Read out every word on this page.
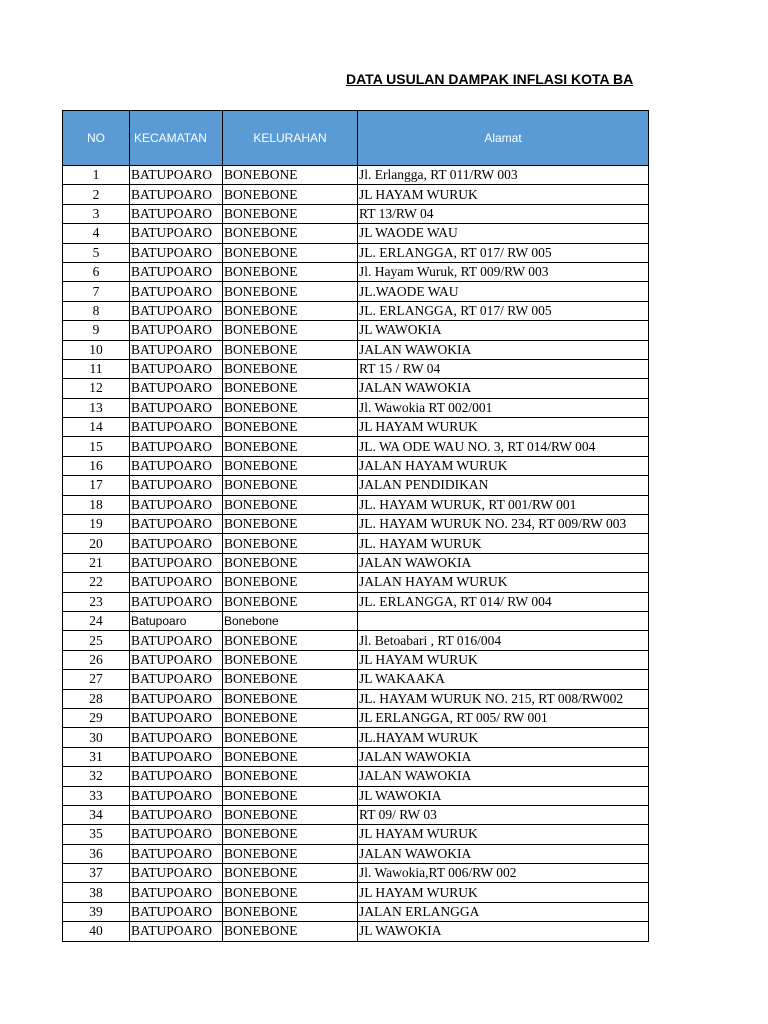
DATA USULAN DAMPAK INFLASI KOTA BA
NO	KECAMATAN	KELURAHAN	Alamat
1	BATUPOARO	BONEBONE	Jl. Erlangga, RT 011/RW 003
2	BATUPOARO	BONEBONE	JL HAYAM WURUK
3	BATUPOARO	BONEBONE	RT 13/RW 04
4	BATUPOARO	BONEBONE	JL WAODE WAU
5	BATUPOARO	BONEBONE	JL. ERLANGGA, RT 017/ RW 005
6	BATUPOARO	BONEBONE	Jl. Hayam Wuruk, RT 009/RW 003
7	BATUPOARO	BONEBONE	JL.WAODE WAU
8	BATUPOARO	BONEBONE	JL. ERLANGGA, RT 017/ RW 005
9	BATUPOARO	BONEBONE	JL WAWOKIA
10	BATUPOARO	BONEBONE	JALAN WAWOKIA
11	BATUPOARO	BONEBONE	RT 15 / RW 04
12	BATUPOARO	BONEBONE	JALAN WAWOKIA
13	BATUPOARO	BONEBONE	Jl. Wawokia RT 002/001
14	BATUPOARO	BONEBONE	JL HAYAM WURUK
15	BATUPOARO	BONEBONE	JL. WA ODE WAU NO. 3, RT 014/RW 004
16	BATUPOARO	BONEBONE	JALAN HAYAM WURUK
17	BATUPOARO	BONEBONE	JALAN PENDIDIKAN
18	BATUPOARO	BONEBONE	JL. HAYAM WURUK, RT 001/RW 001
19	BATUPOARO	BONEBONE	JL. HAYAM WURUK NO. 234, RT 009/RW 003
20	BATUPOARO	BONEBONE	JL. HAYAM WURUK
21	BATUPOARO	BONEBONE	JALAN WAWOKIA
22	BATUPOARO	BONEBONE	JALAN HAYAM WURUK
23	BATUPOARO	BONEBONE	JL. ERLANGGA, RT 014/ RW 004
24	Batupoaro	Bonebone	
25	BATUPOARO	BONEBONE	Jl. Betoabari , RT 016/004
26	BATUPOARO	BONEBONE	JL HAYAM WURUK
27	BATUPOARO	BONEBONE	JL WAKAAKA
28	BATUPOARO	BONEBONE	JL. HAYAM WURUK NO. 215, RT 008/RW002
29	BATUPOARO	BONEBONE	JL ERLANGGA, RT 005/ RW 001
30	BATUPOARO	BONEBONE	JL.HAYAM WURUK
31	BATUPOARO	BONEBONE	JALAN WAWOKIA
32	BATUPOARO	BONEBONE	JALAN WAWOKIA
33	BATUPOARO	BONEBONE	JL WAWOKIA
34	BATUPOARO	BONEBONE	RT 09/ RW 03
35	BATUPOARO	BONEBONE	JL HAYAM WURUK
36	BATUPOARO	BONEBONE	JALAN WAWOKIA
37	BATUPOARO	BONEBONE	Jl. Wawokia,RT 006/RW 002
38	BATUPOARO	BONEBONE	JL HAYAM WURUK
39	BATUPOARO	BONEBONE	JALAN ERLANGGA
40	BATUPOARO	BONEBONE	JL WAWOKIA
